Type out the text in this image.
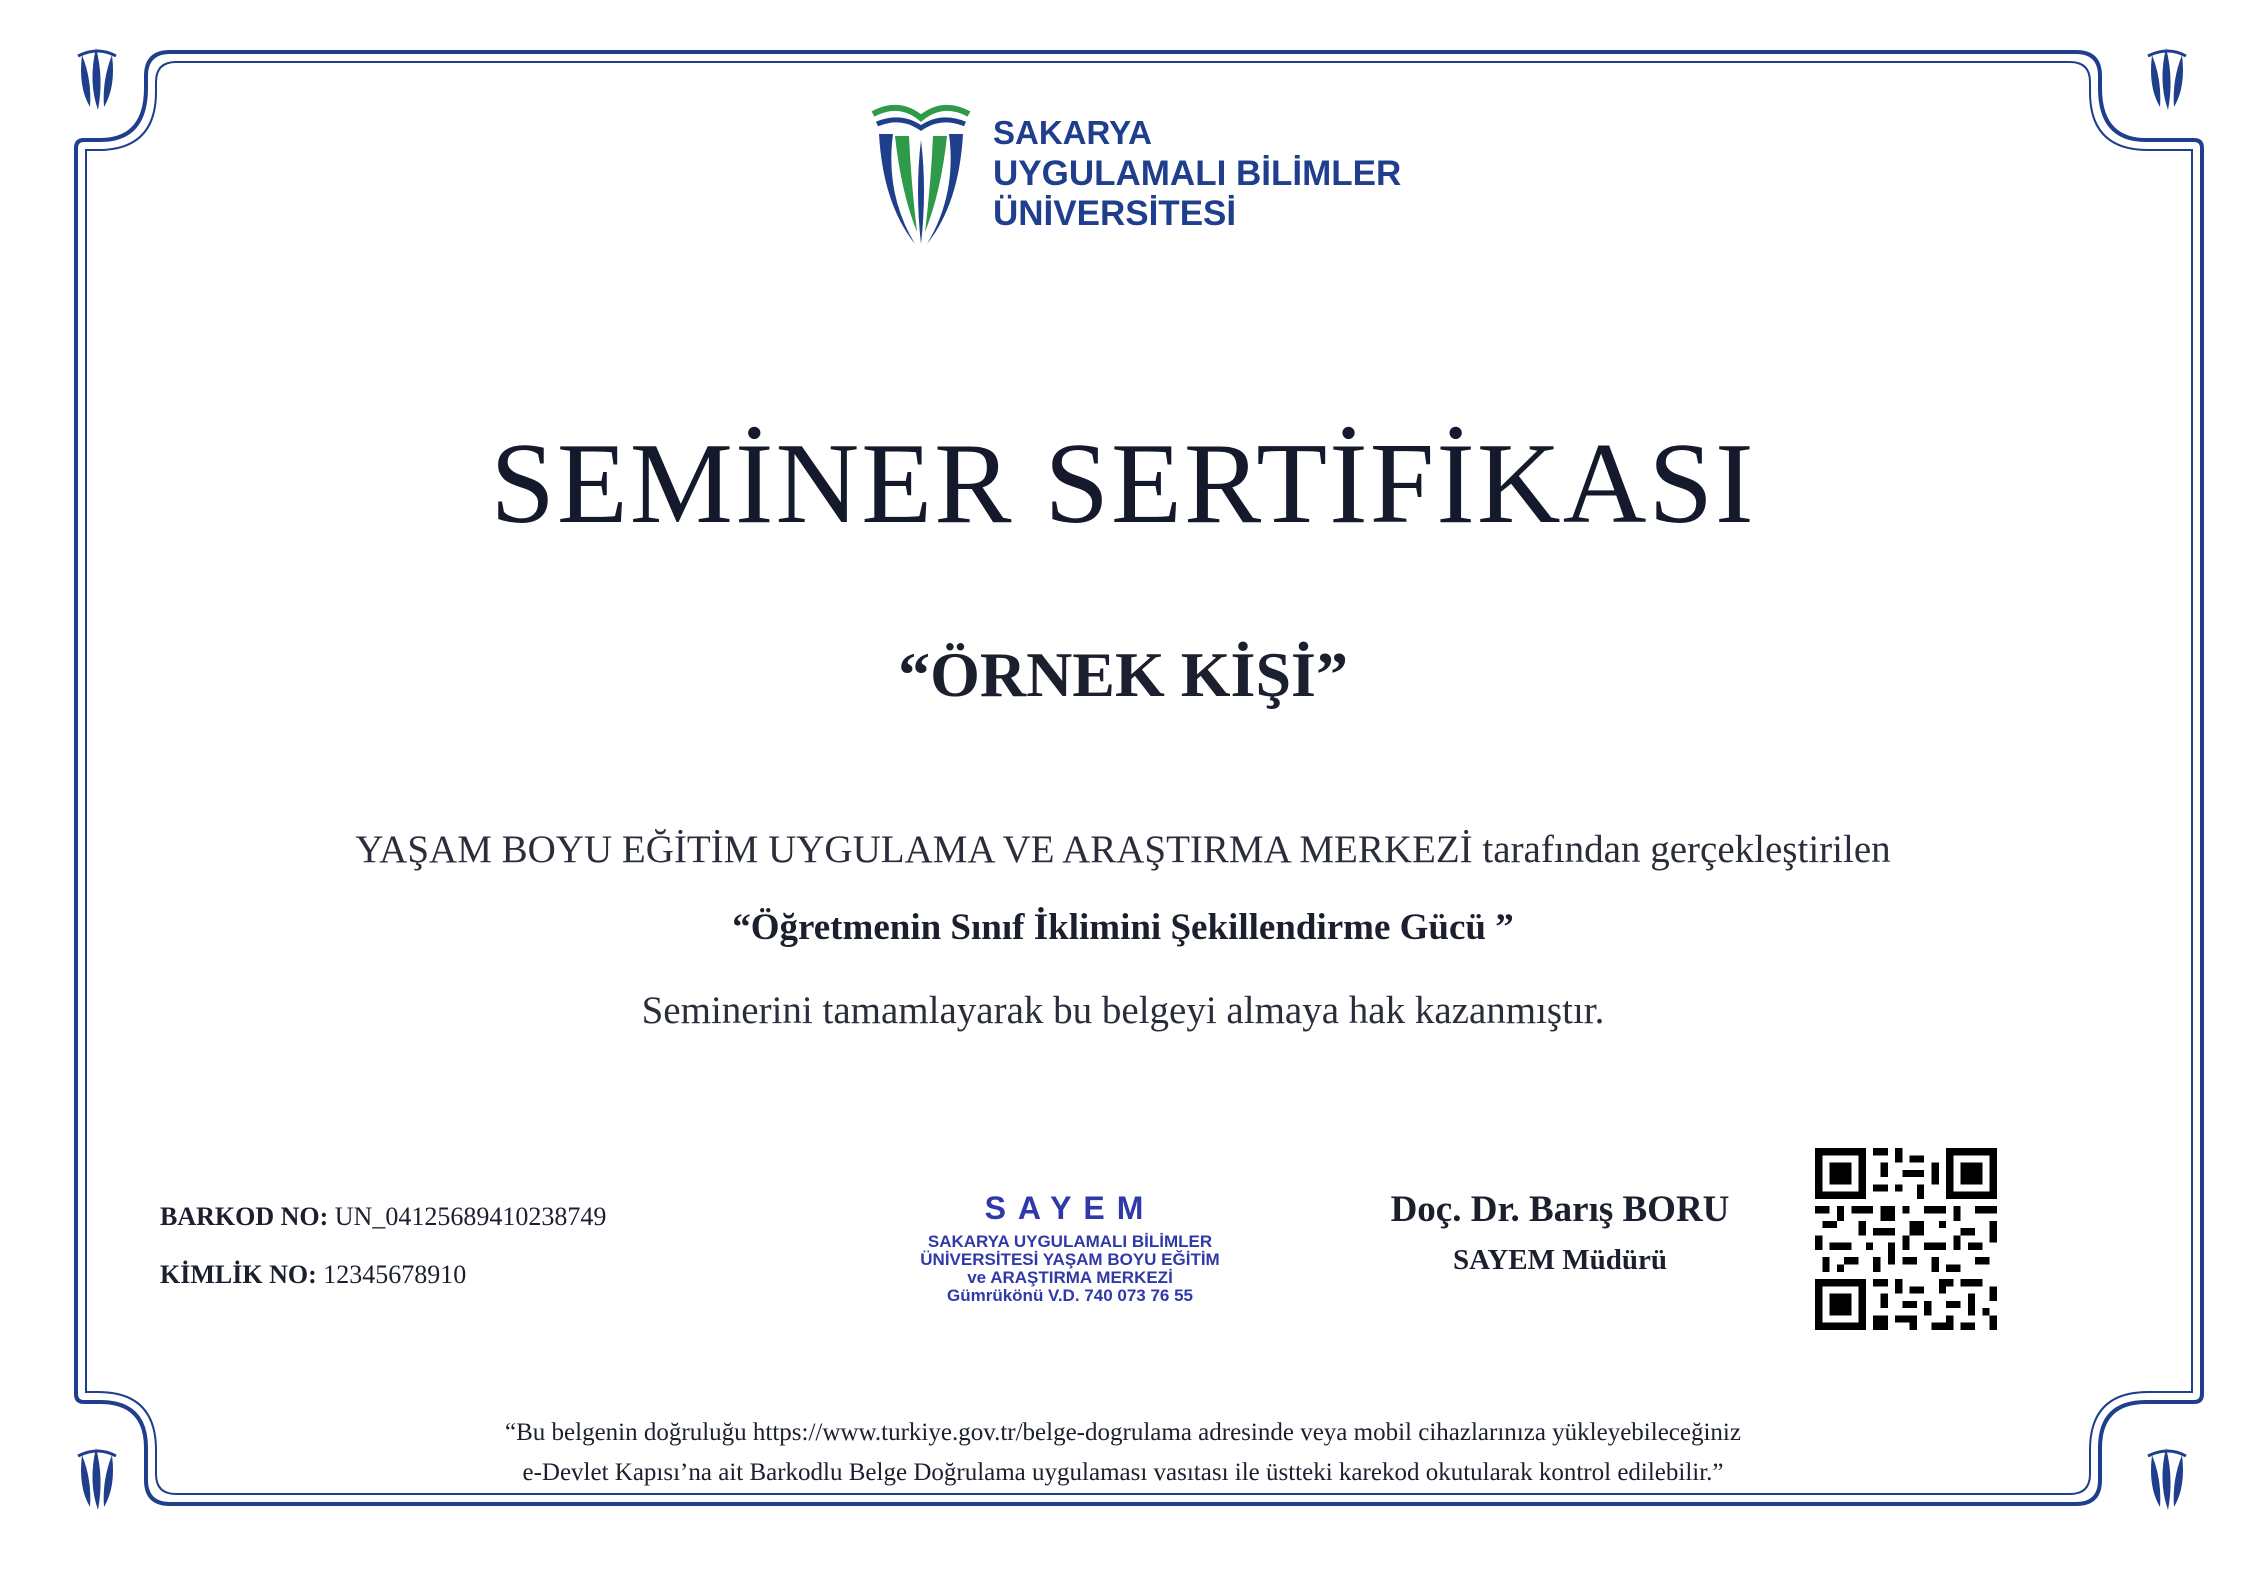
SAKARYA
UYGULAMALI BİLİMLER
ÜNİVERSİTESİ
SEMİNER SERTİFİKASI
“ÖRNEK KİŞİ”
YAŞAM BOYU EĞİTİM UYGULAMA VE ARAŞTIRMA MERKEZİ tarafından gerçekleştirilen
“Öğretmenin Sınıf İklimini Şekillendirme Gücü ”
Seminerini tamamlayarak bu belgeyi almaya hak kazanmıştır.
BARKOD NO: UN_04125689410238749
KİMLİK NO: 12345678910
SAYEM
SAKARYA UYGULAMALI BİLİMLER
ÜNİVERSİTESİ YAŞAM BOYU EĞİTİM
ve ARAŞTIRMA MERKEZİ
Gümrükönü V.D. 740 073 76 55
Doç. Dr. Barış BORU
SAYEM Müdürü
“Bu belgenin doğruluğu https://www.turkiye.gov.tr/belge-dogrulama adresinde veya mobil cihazlarınıza yükleyebileceğiniz
e-Devlet Kapısı’na ait Barkodlu Belge Doğrulama uygulaması vasıtası ile üstteki karekod okutularak kontrol edilebilir.”
